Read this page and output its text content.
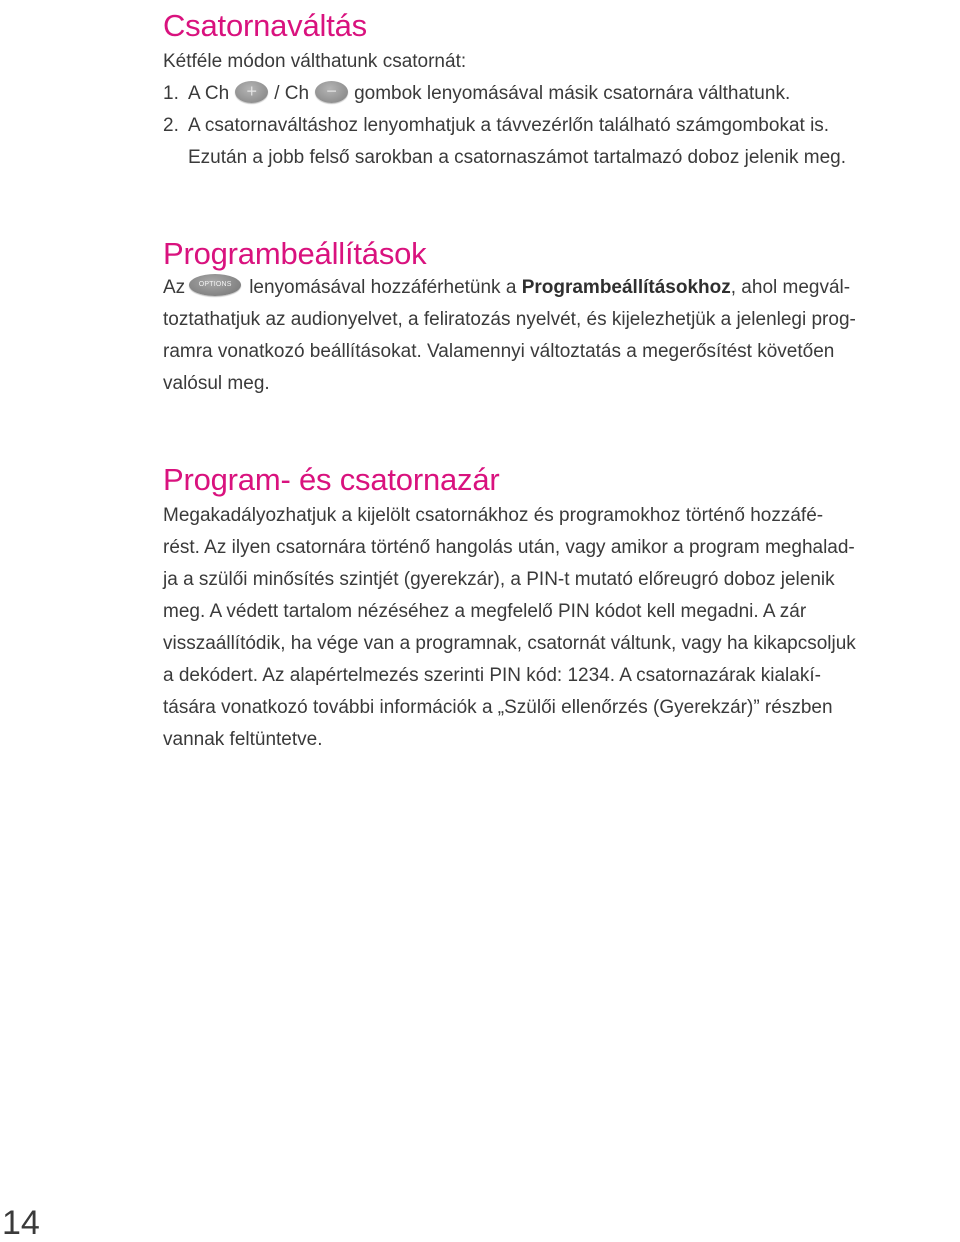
Csatornaváltás

Kétféle módon válthatunk csatornát:

1. A Ch	+ / Ch	− gombok lenyomásával másik csatornára válthatunk.
2. A csatornaváltáshoz lenyomhatjuk a távvezérlőn található számgombokat is.
Ezután a jobb felső sarokban a csatornaszámot tartalmazó doboz jelenik meg.
Programbeállítások

Az	OPTIONS lenyomásával hozzáférhetünk a Programbeállításokhoz, ahol megvál-

toztathatjuk az audionyelvet, a feliratozás nyelvét, és kijelezhetjük a jelenlegi prog-

ramra vonatkozó beállításokat. Valamennyi változtatás a megerősítést követően

valósul meg.

Program- és csatornazár

Megakadályozhatjuk a kijelölt csatornákhoz és programokhoz történő hozzáfé-

rést. Az ilyen csatornára történő hangolás után, vagy amikor a program meghalad-

ja a szülői minősítés szintjét (gyerekzár), a PIN-t mutató előreugró doboz jelenik

meg. A védett tartalom nézéséhez a megfelelő PIN kódot kell megadni. A zár

visszaállítódik, ha vége van a programnak, csatornát váltunk, vagy ha kikapcsoljuk

a dekódert. Az alapértelmezés szerinti PIN kód: 1234. A csatornazárak kialakí-

tására vonatkozó további információk a „Szülői ellenőrzés (Gyerekzár)” részben

vannak feltüntetve.

14
